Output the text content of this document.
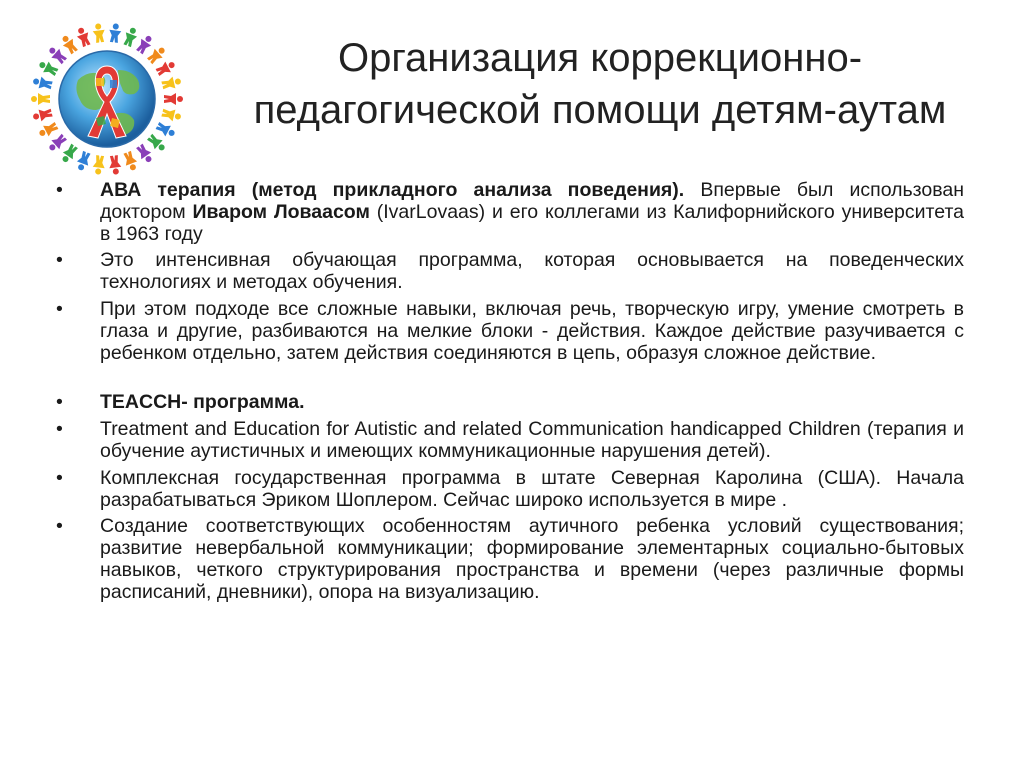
Организация коррекционно-
педагогической помощи детям-аутам
• АВА терапия (метод прикладного анализа поведения). Впервые был использован доктором Иваром Ловаасом (IvarLovaas) и его коллегами из Калифорнийского университета в 1963 году
• Это интенсивная обучающая программа, которая основывается на поведенческих технологиях и методах обучения.
• При этом подходе все сложные навыки, включая речь, творческую игру, умение смотреть в глаза и другие, разбиваются на мелкие блоки - действия. Каждое действие разучивается с ребенком отдельно, затем действия соединяются в цепь, образуя сложное действие.
• TEACCH- программа.
• Treatment and Education for Autistic and related Communication handicapped Children (терапия и обучение аутистичных и имеющих коммуникационные нарушения детей).
• Комплексная государственная программа в штате Северная Каролина (США). Начала разрабатываться Эриком Шоплером. Сейчас широко используется в мире .
• Создание соответствующих особенностям аутичного ребенка условий существования; развитие невербальной коммуникации; формирование элементарных социально-бытовых навыков, четкого структурирования пространства и времени (через различные формы расписаний, дневники), опора на визуализацию.
